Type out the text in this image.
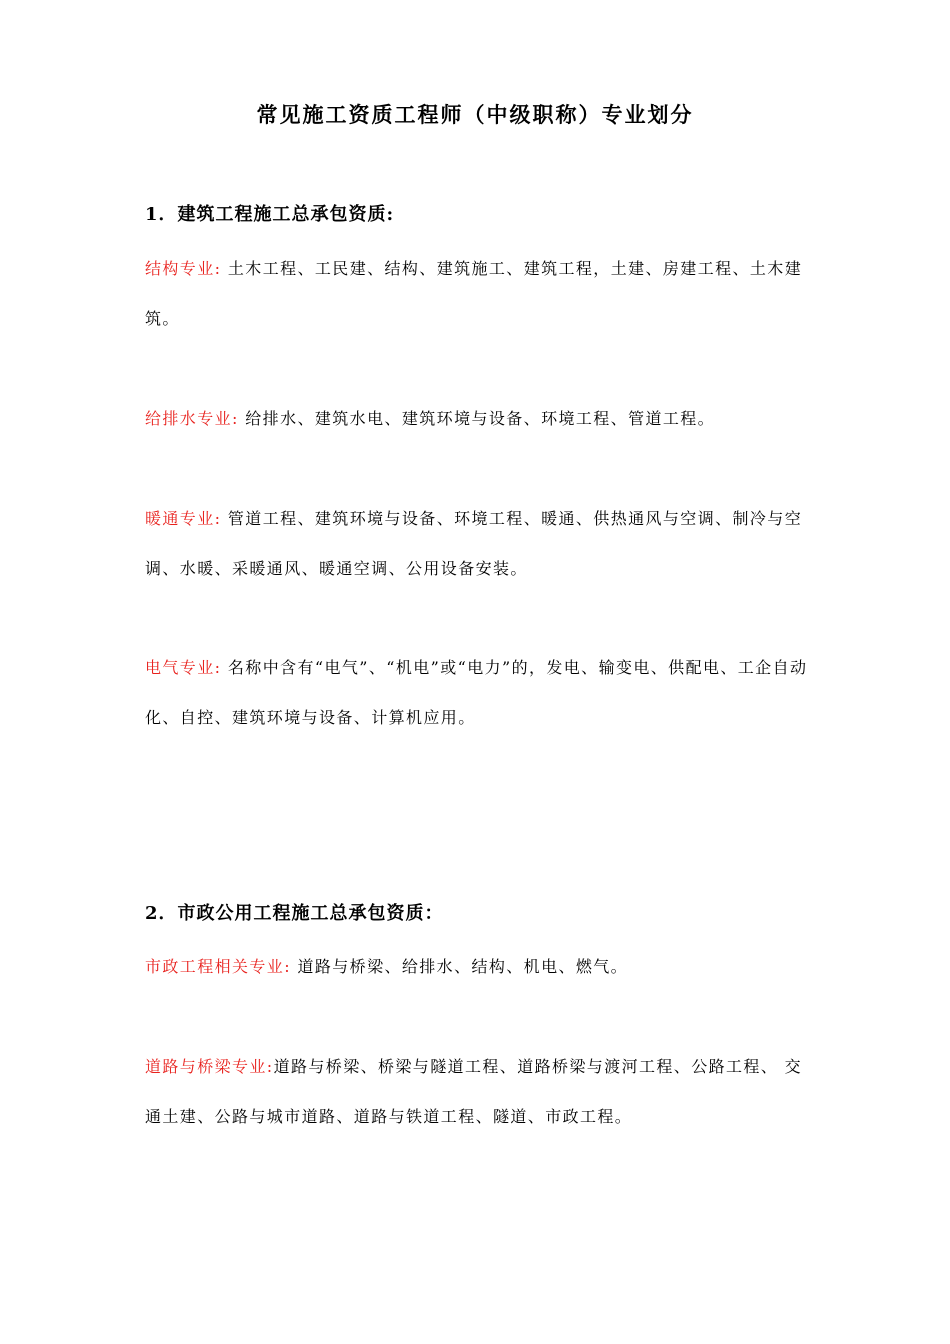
常见施工资质工程师（中级职称）专业划分
1．建筑工程施工总承包资质:
结构专业: 土木工程、工民建、结构、建筑施工、建筑工程，土建、房建工程、土木建筑。
给排水专业: 给排水、建筑水电、建筑环境与设备、环境工程、管道工程。
暖通专业: 管道工程、建筑环境与设备、环境工程、暖通、供热通风与空调、制冷与空调、水暖、采暖通风、暖通空调、公用设备安装。
电气专业: 名称中含有“电气”、“机电”或“电力”的，发电、输变电、供配电、工企自动化、自控、建筑环境与设备、计算机应用。
2．市政公用工程施工总承包资质：
市政工程相关专业: 道路与桥梁、给排水、结构、机电、燃气。
道路与桥梁专业:道路与桥梁、桥梁与隧道工程、道路桥梁与渡河工程、公路工程、 交通土建、公路与城市道路、道路与铁道工程、隧道、市政工程。
